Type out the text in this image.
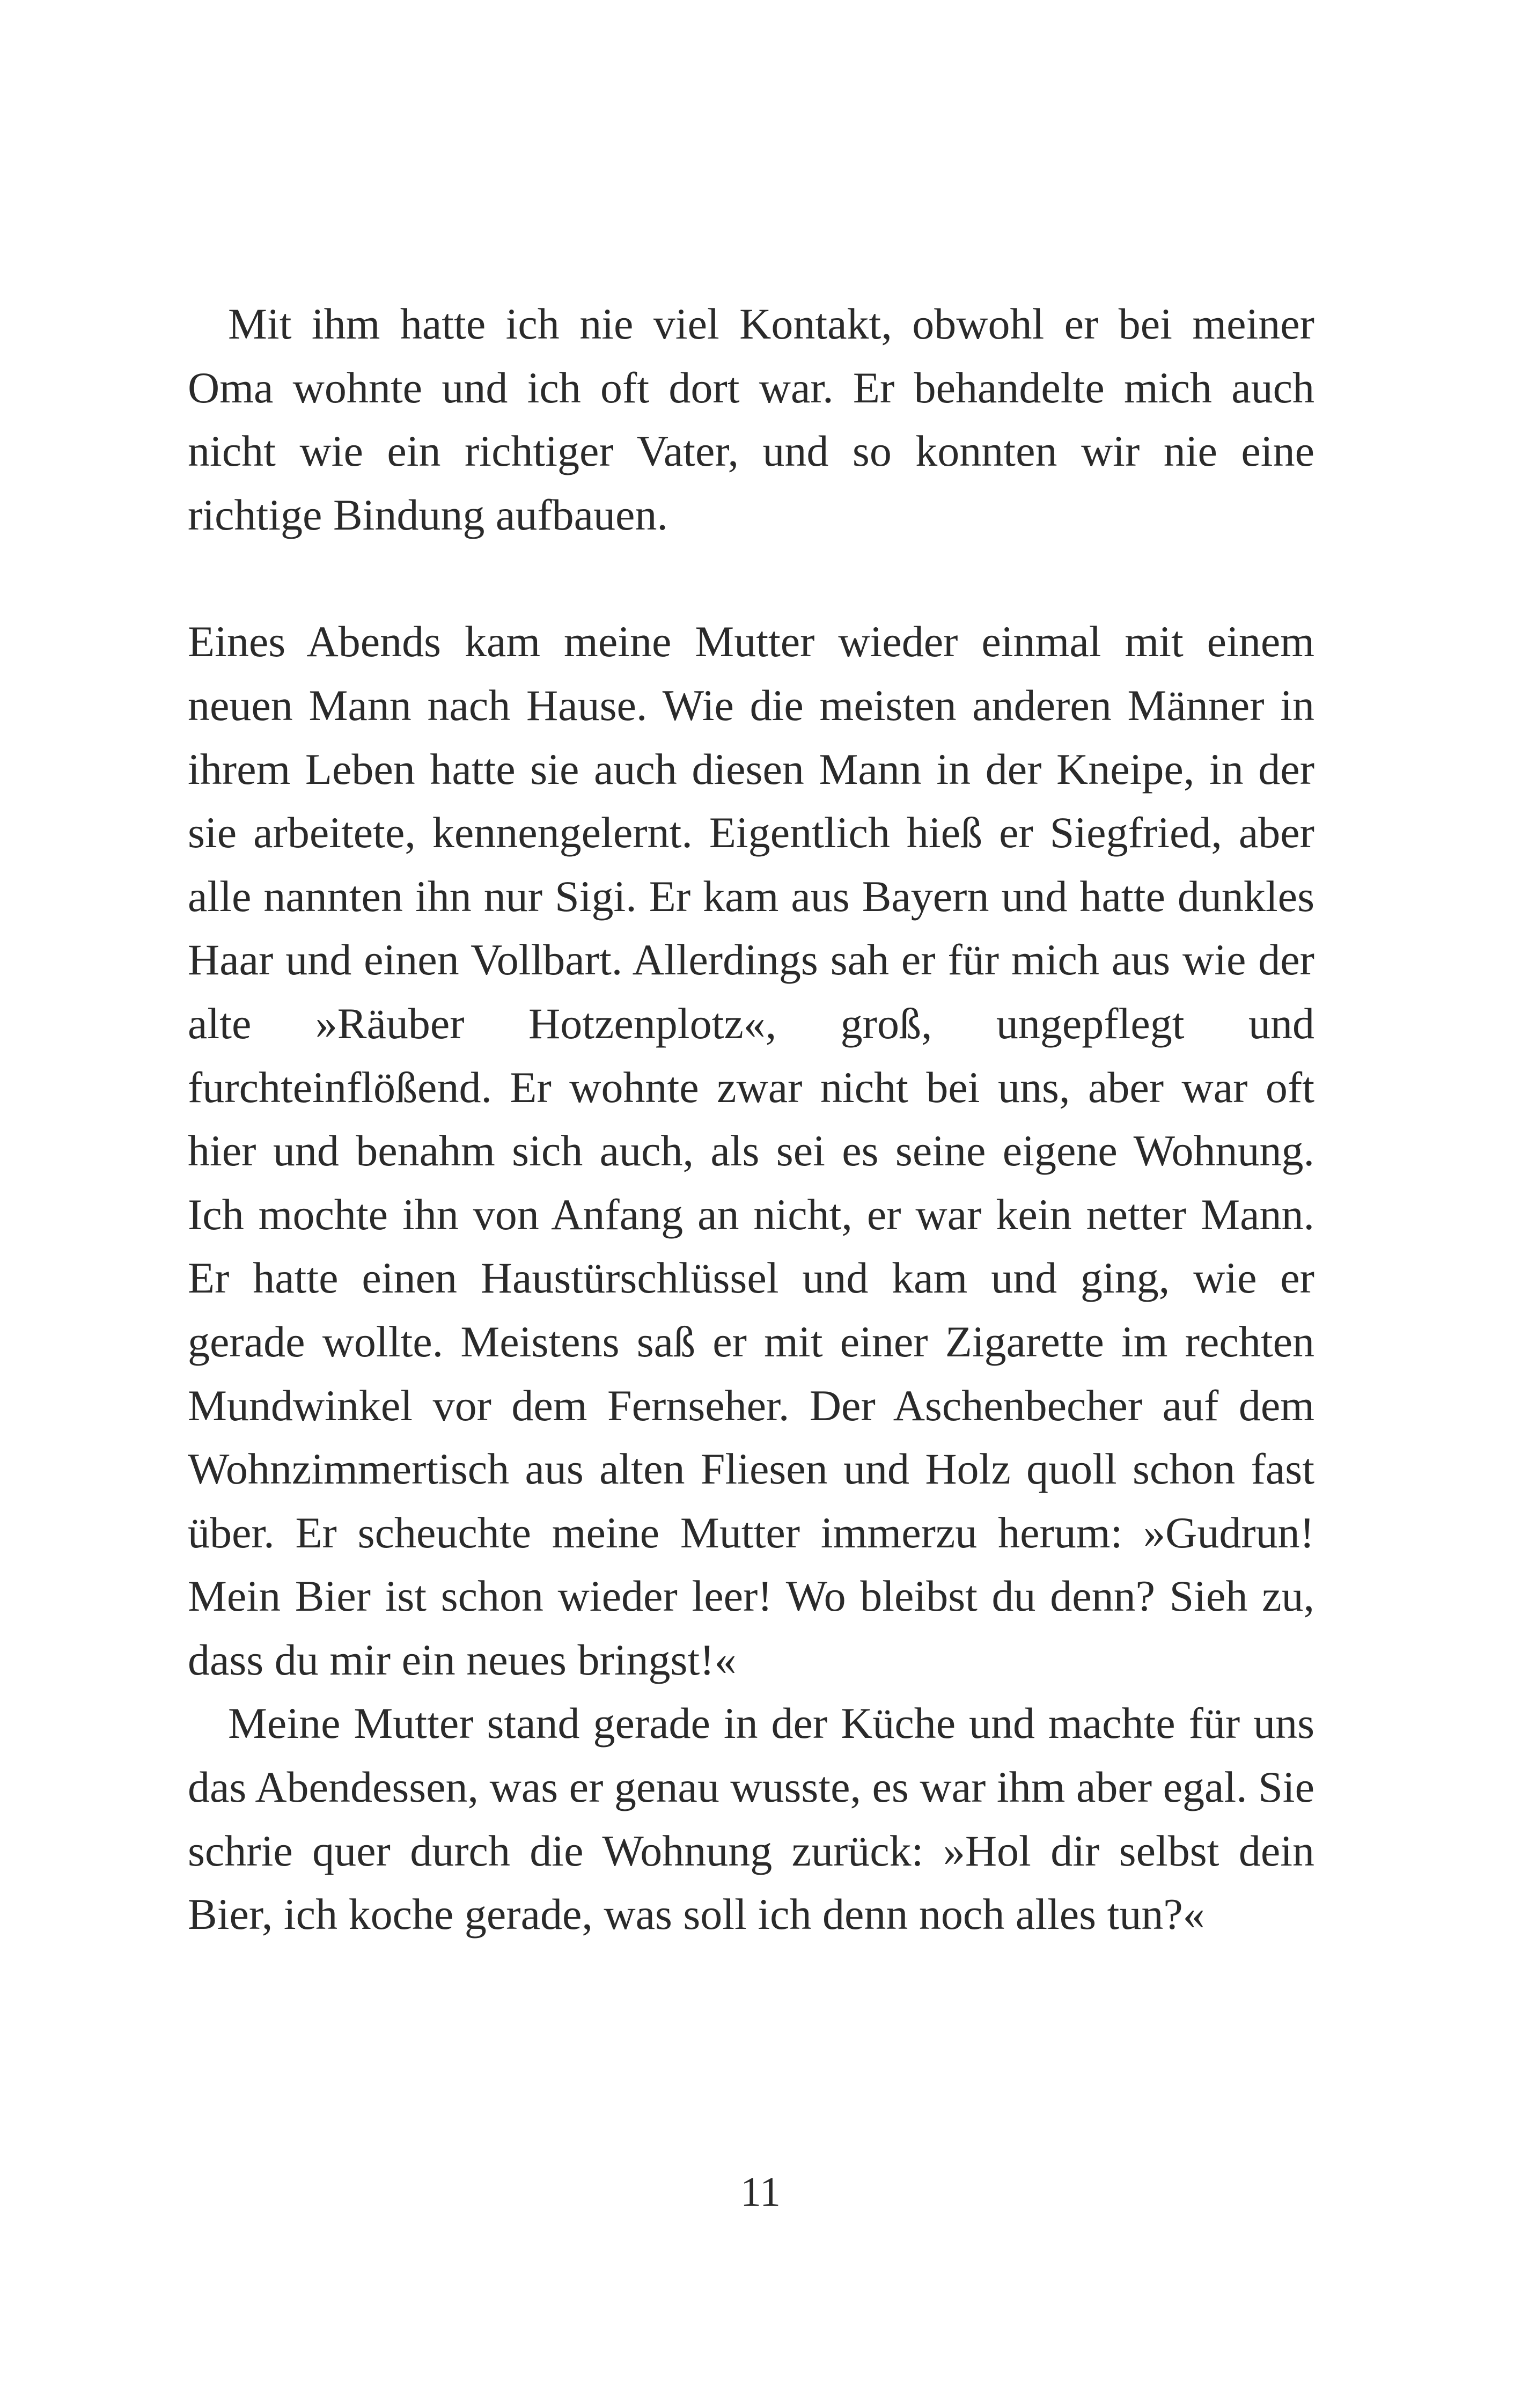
Mit ihm hatte ich nie viel Kontakt, obwohl er bei meiner Oma wohnte und ich oft dort war. Er behandelte mich auch nicht wie ein richtiger Vater, und so konnten wir nie eine richtige Bindung aufbauen.

Eines Abends kam meine Mutter wieder einmal mit einem neuen Mann nach Hause. Wie die meisten anderen Männer in ihrem Leben hatte sie auch diesen Mann in der Kneipe, in der sie arbeitete, kennengelernt. Eigentlich hieß er Siegfried, aber alle nannten ihn nur Sigi. Er kam aus Bayern und hatte dunkles Haar und einen Vollbart. Allerdings sah er für mich aus wie der alte »Räuber Hotzenplotz«, groß, ungepflegt und furchteinflößend. Er wohnte zwar nicht bei uns, aber war oft hier und benahm sich auch, als sei es seine eigene Wohnung. Ich mochte ihn von Anfang an nicht, er war kein netter Mann. Er hatte einen Haustürschlüssel und kam und ging, wie er gerade wollte. Meistens saß er mit einer Zigarette im rechten Mundwinkel vor dem Fernseher. Der Aschenbecher auf dem Wohnzimmertisch aus alten Fliesen und Holz quoll schon fast über. Er scheuchte meine Mutter immerzu herum: »Gudrun! Mein Bier ist schon wieder leer! Wo bleibst du denn? Sieh zu, dass du mir ein neues bringst!«

Meine Mutter stand gerade in der Küche und machte für uns das Abendessen, was er genau wusste, es war ihm aber egal. Sie schrie quer durch die Wohnung zurück: »Hol dir selbst dein Bier, ich koche gerade, was soll ich denn noch alles tun?«

11
